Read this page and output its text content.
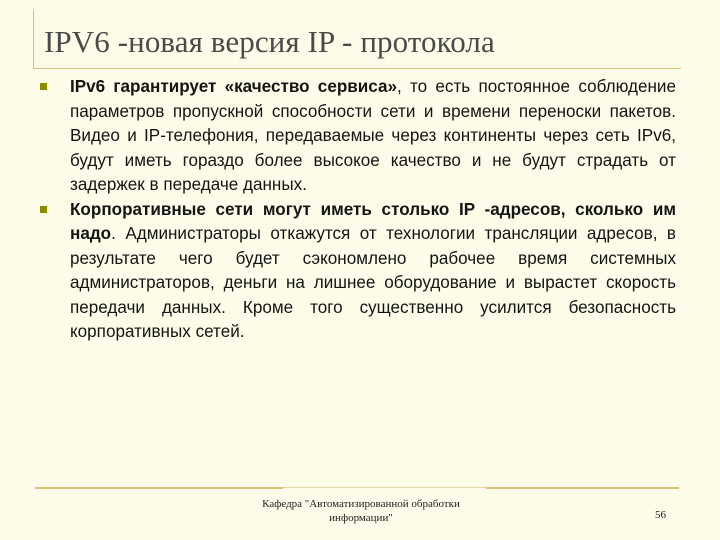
IPV6 -новая версия IP - протокола

IPv6 гарантирует «качество сервиса», то есть постоянное соблюдение параметров пропускной способности сети и времени переноски пакетов. Видео и IP-телефония, передаваемые через континенты через сеть IPv6, будут иметь гораздо более высокое качество и не будут страдать от задержек в передаче данных.

Корпоративные сети могут иметь столько IP -адресов, сколько им надо. Администраторы откажутся от технологии трансляции адресов, в результате чего будет сэкономлено рабочее время системных администраторов, деньги на лишнее оборудование и вырастет скорость передачи данных. Кроме того существенно усилится безопасность корпоративных сетей.

Кафедра "Автоматизированной обработки информации"	56
